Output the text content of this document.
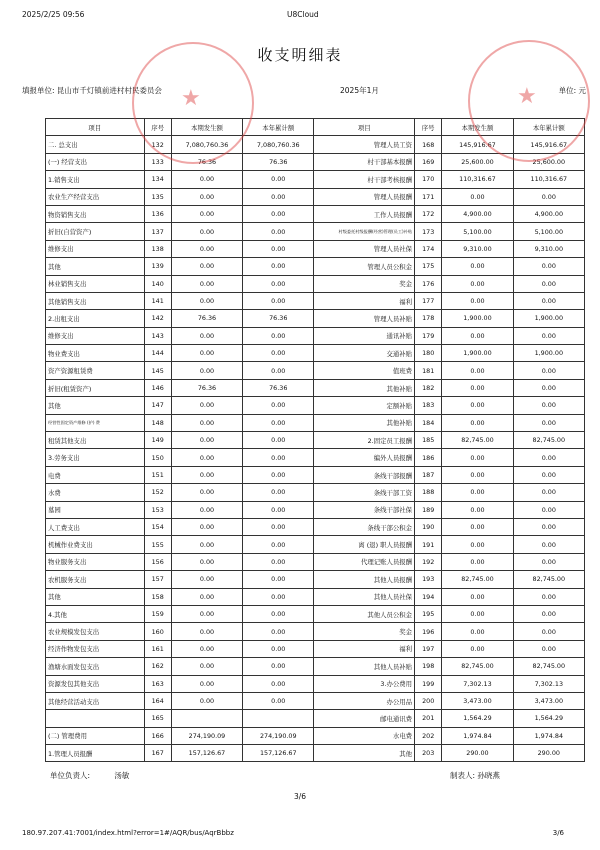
2025/2/25 09:56	U8Cloud
收支明细表
填报单位: 昆山市千灯镇前进村村民委员会	2025年1月	单位: 元
项目	序号	本期发生额	本年累计额	项目	序号	本期发生额	本年累计额
二. 总支出	132	7,080,760.36	7,080,760.36	管理人员工资	168	145,916.67	145,916.67
(一) 经营支出	133	76.36	76.36	村干部基本报酬	169	25,600.00	25,600.00
1.销售支出	134	0.00	0.00	村干部考核报酬	170	110,316.67	110,316.67
农业生产经营支出	135	0.00	0.00	管理人员报酬	171	0.00	0.00
物资销售支出	136	0.00	0.00	工作人员报酬	172	4,900.00	4,900.00
折旧(自营资产)	137	0.00	0.00	村级委托村级报酬(经营)管理(员工)补贴	173	5,100.00	5,100.00
维修支出	138	0.00	0.00	管理人员社保	174	9,310.00	9,310.00
其他	139	0.00	0.00	管理人员公积金	175	0.00	0.00
林业销售支出	140	0.00	0.00	奖金	176	0.00	0.00
其他销售支出	141	0.00	0.00	福利	177	0.00	0.00
2.出租支出	142	76.36	76.36	管理人员补贴	178	1,900.00	1,900.00
维修支出	143	0.00	0.00	通讯补贴	179	0.00	0.00
物业费支出	144	0.00	0.00	交通补贴	180	1,900.00	1,900.00
资产资源租赁费	145	0.00	0.00	值班费	181	0.00	0.00
折旧(租赁资产)	146	76.36	76.36	其他补贴	182	0.00	0.00
其他	147	0.00	0.00	定额补贴	183	0.00	0.00
经营性固定资产维修 (护) 费	148	0.00	0.00	其他补贴	184	0.00	0.00
租赁其他支出	149	0.00	0.00	2.固定员工报酬	185	82,745.00	82,745.00
3.劳务支出	150	0.00	0.00	编外人员报酬	186	0.00	0.00
电费	151	0.00	0.00	条线干部报酬	187	0.00	0.00
水费	152	0.00	0.00	条线干部工资	188	0.00	0.00
墓园	153	0.00	0.00	条线干部社保	189	0.00	0.00
人工费支出	154	0.00	0.00	条线干部公积金	190	0.00	0.00
机械作业费支出	155	0.00	0.00	离 (退) 职人员报酬	191	0.00	0.00
物业服务支出	156	0.00	0.00	代理记账人员报酬	192	0.00	0.00
农机服务支出	157	0.00	0.00	其他人员报酬	193	82,745.00	82,745.00
其他	158	0.00	0.00	其他人员社保	194	0.00	0.00
4.其他	159	0.00	0.00	其他人员公积金	195	0.00	0.00
农业规模发包支出	160	0.00	0.00	奖金	196	0.00	0.00
经济作物发包支出	161	0.00	0.00	福利	197	0.00	0.00
渔塘水面发包支出	162	0.00	0.00	其他人员补贴	198	82,745.00	82,745.00
资源发包其他支出	163	0.00	0.00	3.办公费用	199	7,302.13	7,302.13
其他经营活动支出	164	0.00	0.00	办公用品	200	3,473.00	3,473.00
	165			邮电通讯费	201	1,564.29	1,564.29
(二) 管理费用	166	274,190.09	274,190.09	水电费	202	1,974.84	1,974.84
1.管理人员报酬	167	157,126.67	157,126.67	其他	203	290.00	290.00
单位负责人:	汤敏	制表人: 孙晓燕
3/6
180.97.207.41:7001/index.html?error=1#/AQR/bus/AqrBbbz	3/6
★	★
